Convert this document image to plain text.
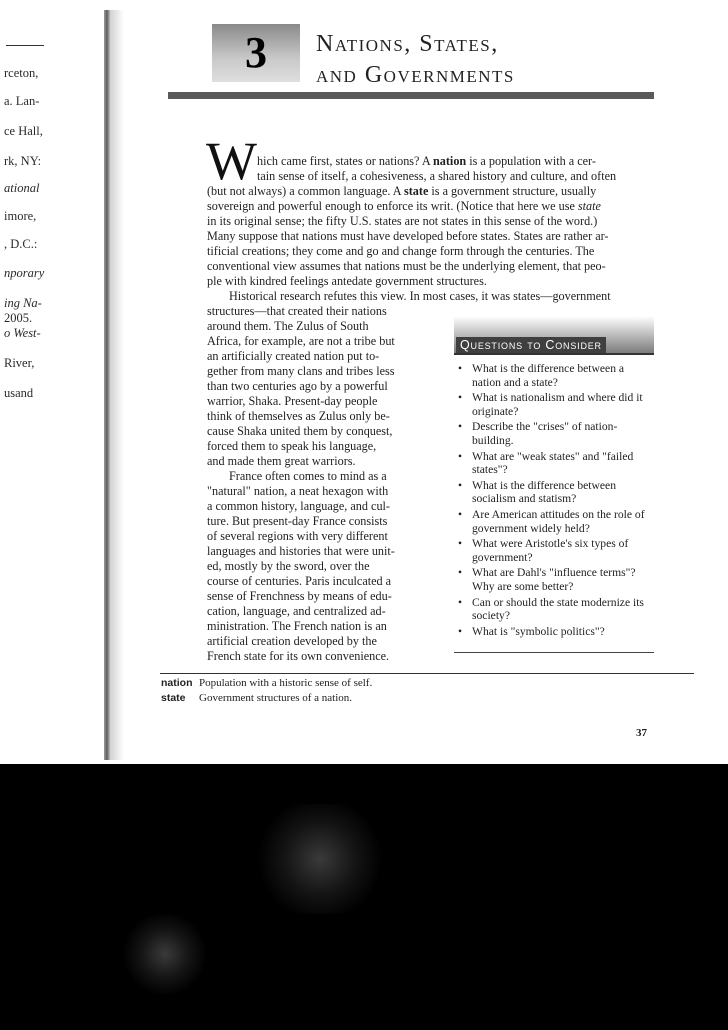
rceton,
a. Lan-
ce Hall,
rk, NY:
ational
imore,
, D.C.:
nporary
ing Na-
2005.
o West-
River,
usand
3	Nations, States,
and Governments
W hich came first, states or nations? A nation is a population with a cer-
tain sense of itself, a cohesiveness, a shared history and culture, and often
(but not always) a common language. A state is a government structure, usually
sovereign and powerful enough to enforce its writ. (Notice that here we use state
in its original sense; the fifty U.S. states are not states in this sense of the word.)
Many suppose that nations must have developed before states. States are rather ar-
tificial creations; they come and go and change form through the centuries. The
conventional view assumes that nations must be the underlying element, that peo-
ple with kindred feelings antedate government structures.
Historical research refutes this view. In most cases, it was states—government
structures—that created their nations
around them. The Zulus of South
Africa, for example, are not a tribe but
an artificially created nation put to-
gether from many clans and tribes less
than two centuries ago by a powerful
warrior, Shaka. Present-day people
think of themselves as Zulus only be-
cause Shaka united them by conquest,
forced them to speak his language,
and made them great warriors.
France often comes to mind as a
"natural" nation, a neat hexagon with
a common history, language, and cul-
ture. But present-day France consists
of several regions with very different
languages and histories that were unit-
ed, mostly by the sword, over the
course of centuries. Paris inculcated a
sense of Frenchness by means of edu-
cation, language, and centralized ad-
ministration. The French nation is an
artificial creation developed by the
French state for its own convenience.
Questions to Consider
• What is the difference between a nation and a state?
• What is nationalism and where did it originate?
• Describe the "crises" of nation-building.
• What are "weak states" and "failed states"?
• What is the difference between socialism and statism?
• Are American attitudes on the role of government widely held?
• What were Aristotle's six types of government?
• What are Dahl's "influence terms"? Why are some better?
• Can or should the state modernize its society?
• What is "symbolic politics"?
nation Population with a historic sense of self.
state Government structures of a nation.
37
